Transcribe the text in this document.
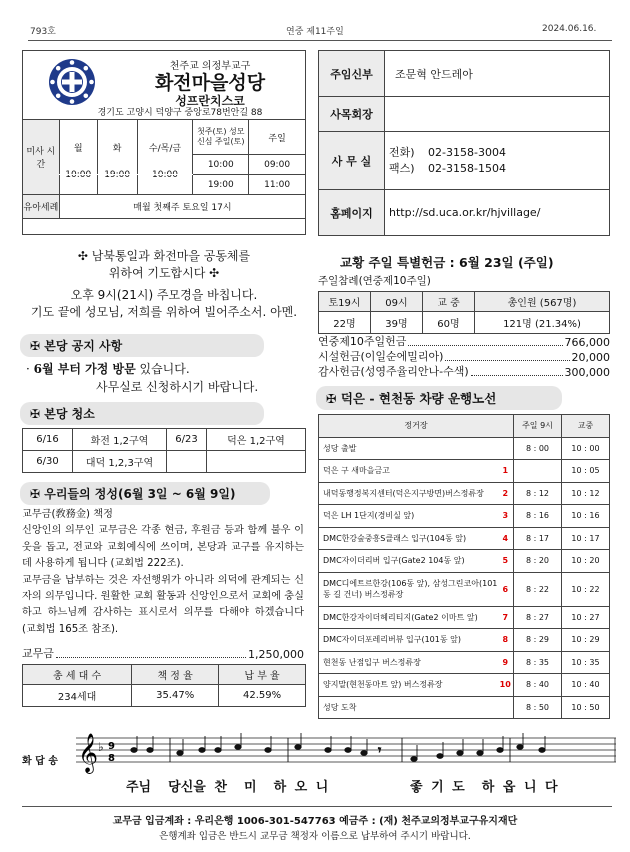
793호	연중 제11주일	2024.06.16.
천주교 의정부교구
화전마을성당
성프란치스코
경기도 고양시 덕양구 중앙로78번안길 88
미사 시간	월	화	수/목/금	첫주(토) 성모신심 주일(토)	주일
				10:00	09:00
			19:00	11:00
유아세례	매월 첫째주 토요일 17시				
주임신부	조문혁 안드레아
사목회장	
사 무 실	전화) 02-3158-3004
팩스) 02-3158-1504

홈페이지	http://sd.uca.or.kr/hjvillage/
✣ 남북통일과 화전마을 공동체를
위하여 기도합시다 ✣
오후 9시(21시) 주모경을 바칩니다.
기도 끝에 성모님, 저희를 위하여 빌어주소서. 아멘.
✠ 본당 공지 사항
· 6월 부터 가정 방문 있습니다.
사무실로 신청하시기 바랍니다.
✠ 본당 청소
6/16	화전 1,2구역	6/23	덕은 1,2구역
6/30	대덕 1,2,3구역		
✠ 우리들의 정성(6월 3일 ~ 6월 9일)
교무금(敎務金) 책정
신앙인의 의무인 교무금은 각종 현금, 후원금 등과 함께 불우 이웃을 돕고, 전교와 교회예식에 쓰이며, 본당과 교구를 유지하는데 사용하게 됩니다 (교회법 222조).
교무금을 납부하는 것은 자선행위가 아니라 의덕에 관계되는 신자의 의무입니다. 원활한 교회 활동과 신앙인으로서 교회에 충실하고 하느님께 감사하는 표시로서 의무를 다해야 하겠습니다 (교회법 165조 참조).
교무금	1,250,000
총 세 대 수	책 정 율	납 부 율
234세대	35.47%	42.59%
교황 주일 특별헌금 : 6월 23일 (주일)
주일참례(연중제10주일)
토19시	09시	교 중	총인원 (567명)
22명	39명	60명	121명 (21.34%)
연중제10주일헌금	766,000
시설헌금(이일순에밀리아)	20,000
감사헌금(성영주율리안나-수색)	300,000
✠ 덕은 - 현천동 차량 운행노선
정거장		주일 9시	교중
성당 출발		8 : 00	10 : 00
덕은 구 새마을금고	1		10 : 05
내덕동행정복지센터(덕은지구방면)버스정류장	2	8 : 12	10 : 12
덕은 LH 1단지(경비실 앞)	3	8 : 16	10 : 16
DMC한강숲중흥S클래스 입구(104동 앞)	4	8 : 17	10 : 17
DMC자이더리버 입구(Gate2 104동 앞)	5	8 : 20	10 : 20
DMC디에트르한강(106동 앞), 삼성그린코아(101동 길 건너) 버스정류장	6	8 : 22	10 : 22
DMC한강자이더헤리티지(Gate2 이마트 앞)	7	8 : 27	10 : 27
DMC자이더포레리버뷰 입구(101동 앞)	8	8 : 29	10 : 29
현천동 난점입구 버스정류장	9	8 : 35	10 : 35
양지말(현천동마트 앞) 버스정류장	10	8 : 40	10 : 40
성당 도착		8 : 50	10 : 50
화 답 송 𝄞 ♭ 9
8
𝄾
주님  당신을 찬  미  하 오 니	좋 기 도  하 옵 니 다
교무금 입금계좌 : 우리은행 1006-301-547763 예금주 : (재) 천주교의정부교구유지재단
은행계좌 입금은 반드시 교무금 책정자 이름으로 납부하여 주시기 바랍니다.
